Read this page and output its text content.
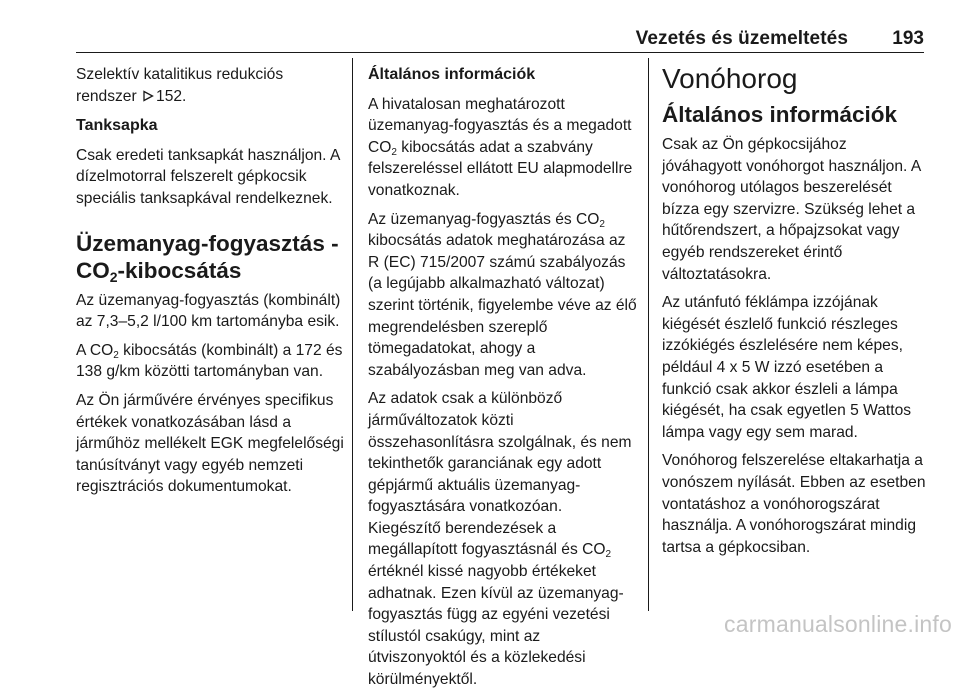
Vezetés és üzemeltetés 193

Szelektív katalitikus redukciós
rendszer 152.

Tanksapka

Csak eredeti tanksapkát használjon. A dízelmotorral felszerelt gépkocsik speciális tanksapkával rendelkeznek.

Üzemanyag-fogyasztás -
$CO_2$-kibocsátás

Az üzemanyag-fogyasztás (kombinált) az 7,3–5,2 l/100 km tartományba esik.

A $CO_2$ kibocsátás (kombinált) a 172 és 138 g/km közötti tartományban van.

Az Ön járművére érvényes specifikus értékek vonatkozásában lásd a járműhöz mellékelt EGK megfelelőségi tanúsítványt vagy egyéb nemzeti regisztrációs dokumentumokat.

Általános információk

A hivatalosan meghatározott üzemanyag-fogyasztás és a megadott $CO_2$ kibocsátás adat a szabvány felszereléssel ellátott EU alapmodellre vonatkoznak.

Az üzemanyag-fogyasztás és $CO_2$ kibocsátás adatok meghatározása az R (EC) 715/2007 számú szabályozás (a legújabb alkalmazható változat) szerint történik, figyelembe véve az élő megrendelésben szereplő tömegadatokat, ahogy a szabályozásban meg van adva.

Az adatok csak a különböző járműváltozatok közti összehasonlításra szolgálnak, és nem tekinthetők garanciának egy adott gépjármű aktuális üzemanyag-fogyasztására vonatkozóan.

Kiegészítő berendezések a megállapított fogyasztásnál és $CO_2$ értéknél kissé nagyobb értékeket adhatnak. Ezen kívül az üzemanyag-fogyasztás függ az egyéni vezetési stílustól csakúgy, mint az útviszonyoktól és a közlekedési körülményektől.

Vonóhorog
Általános információk

Csak az Ön gépkocsijához jóváhagyott vonóhorgot használjon. A vonóhorog utólagos beszerelését bízza egy szervizre. Szükség lehet a hűtőrendszert, a hőpajzsokat vagy egyéb rendszereket érintő változtatásokra.

Az utánfutó féklámpa izzójának kiégését észlelő funkció részleges izzókiégés észlelésére nem képes, például 4 x 5 W izzó esetében a funkció csak akkor észleli a lámpa kiégését, ha csak egyetlen 5 Wattos lámpa vagy egy sem marad.

Vonóhorog felszerelése eltakarhatja a vonószem nyílását. Ebben az esetben vontatáshoz a vonóhorogszárat használja. A vonóhorogszárat mindig tartsa a gépkocsiban.

carmanualsonline.info
